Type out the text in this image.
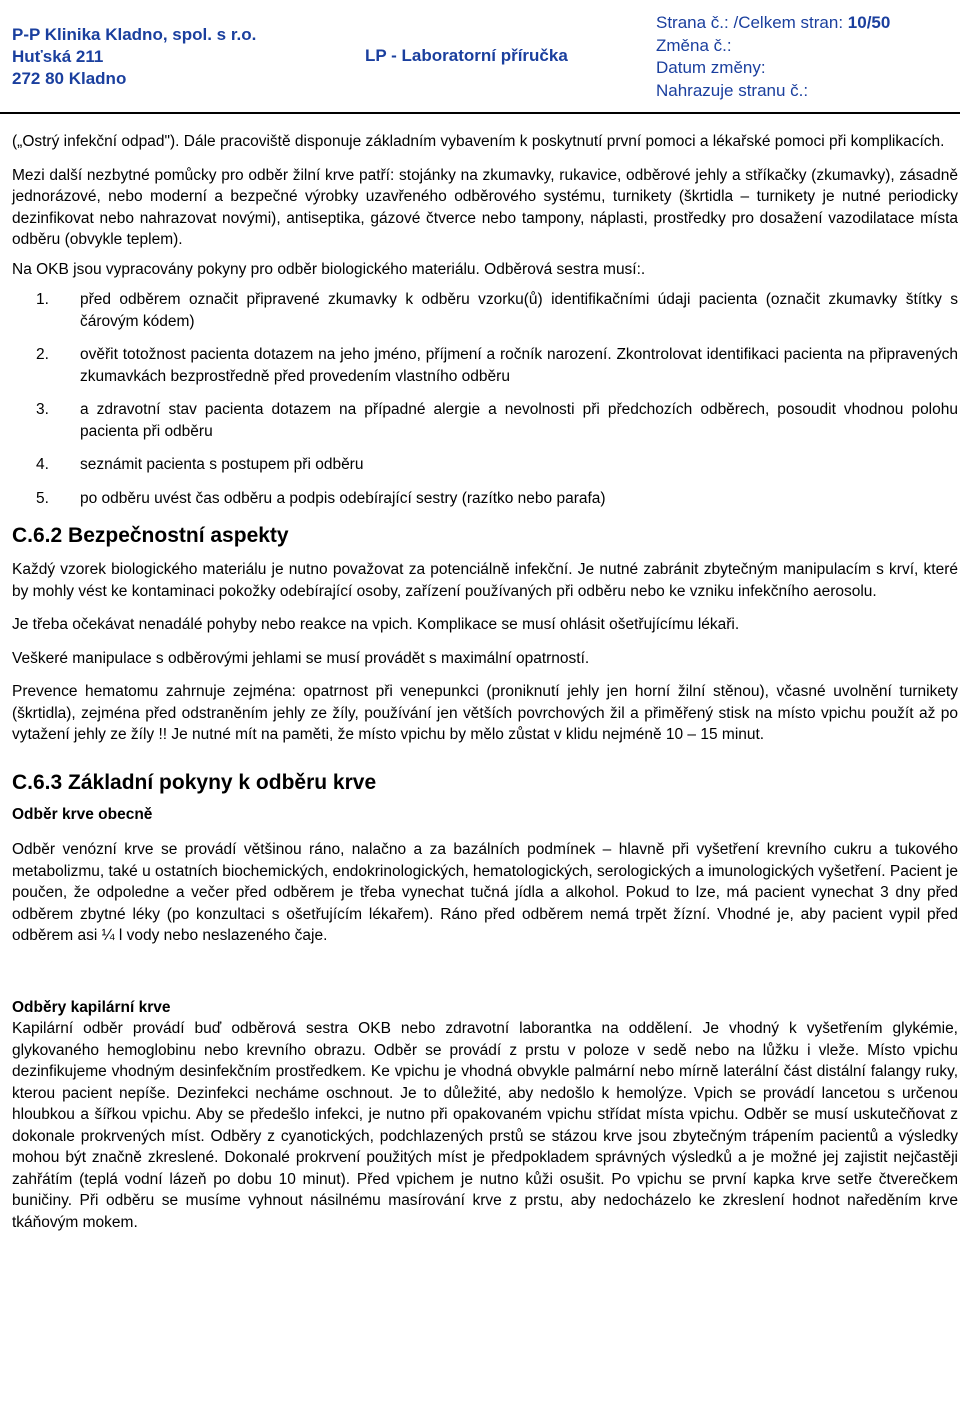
P-P Klinika Kladno, spol. s r.o.
Huťská 211
272 80 Kladno
LP - Laboratorní příručka
Strana č.: /Celkem stran: 10/50
Změna č.:
Datum změny:
Nahrazuje stranu č.:

(„Ostrý infekční odpad"). Dále pracoviště disponuje základním vybavením k poskytnutí první pomoci a lékařské pomoci při komplikacích.

Mezi další nezbytné pomůcky pro odběr žilní krve patří: stojánky na zkumavky, rukavice, odběrové jehly a stříkačky (zkumavky), zásadně jednorázové, nebo moderní a bezpečné výrobky uzavřeného odběrového systému, turnikety (škrtidla – turnikety je nutné periodicky dezinfikovat nebo nahrazovat novými), antiseptika, gázové čtverce nebo tampony, náplasti, prostředky pro dosažení vazodilatace místa odběru (obvykle teplem).

Na OKB jsou vypracovány pokyny pro odběr biologického materiálu. Odběrová sestra musí:.

1. před odběrem označit připravené zkumavky k odběru vzorku(ů) identifikačními údaji pacienta (označit zkumavky štítky s čárovým kódem)
2. ověřit totožnost pacienta dotazem na jeho jméno, příjmení a ročník narození. Zkontrolovat identifikaci pacienta na připravených zkumavkách bezprostředně před provedením vlastního odběru
3. a zdravotní stav pacienta dotazem na případné alergie a nevolnosti při předchozích odběrech, posoudit vhodnou polohu pacienta při odběru
4. seznámit pacienta s postupem při odběru
5. po odběru uvést čas odběru a podpis odebírající sestry (razítko nebo parafa)
C.6.2 Bezpečnostní aspekty

Každý vzorek biologického materiálu je nutno považovat za potenciálně infekční. Je nutné zabránit zbytečným manipulacím s krví, které by mohly vést ke kontaminaci pokožky odebírající osoby, zařízení používaných při odběru nebo ke vzniku infekčního aerosolu.

Je třeba očekávat nenadálé pohyby nebo reakce na vpich. Komplikace se musí ohlásit ošetřujícímu lékaři.

Veškeré manipulace s odběrovými jehlami se musí provádět s maximální opatrností.

Prevence hematomu zahrnuje zejména: opatrnost při venepunkci (proniknutí jehly jen horní žilní stěnou), včasné uvolnění turnikety (škrtidla), zejména před odstraněním jehly ze žíly, používání jen větších povrchových žil a přiměřený stisk na místo vpichu použít až po vytažení jehly ze žíly !! Je nutné mít na paměti, že místo vpichu by mělo zůstat v klidu nejméně 10 – 15 minut.

C.6.3 Základní pokyny k odběru krve
Odběr krve obecně

Odběr venózní krve se provádí většinou ráno, nalačno a za bazálních podmínek – hlavně při vyšetření krevního cukru a tukového metabolizmu, také u ostatních biochemických, endokrinologických, hematologických, serologických a imunologických vyšetření. Pacient je poučen, že odpoledne a večer před odběrem je třeba vynechat tučná jídla a alkohol. Pokud to lze, má pacient vynechat 3 dny před odběrem zbytné léky (po konzultaci s ošetřujícím lékařem). Ráno před odběrem nemá trpět žízní. Vhodné je, aby pacient vypil před odběrem asi ¼ l vody nebo neslazeného čaje.

Odběry kapilární krve

Kapilární odběr provádí buď odběrová sestra OKB nebo zdravotní laborantka na oddělení. Je vhodný k vyšetřením glykémie, glykovaného hemoglobinu nebo krevního obrazu. Odběr se provádí z prstu v poloze v sedě nebo na lůžku i vleže. Místo vpichu dezinfikujeme vhodným desinfekčním prostředkem. Ke vpichu je vhodná obvykle palmární nebo mírně laterální část distální falangy ruky, kterou pacient nepíše. Dezinfekci necháme oschnout. Je to důležité, aby nedošlo k hemolýze. Vpich se provádí lancetou s určenou hloubkou a šířkou vpichu. Aby se předešlo infekci, je nutno při opakovaném vpichu střídat místa vpichu. Odběr se musí uskutečňovat z dokonale prokrvených míst. Odběry z cyanotických, podchlazených prstů se stázou krve jsou zbytečným trápením pacientů a výsledky mohou být značně zkreslené. Dokonalé prokrvení použitých míst je předpokladem správných výsledků a je možné jej zajistit nejčastěji zahřátím (teplá vodní lázeň po dobu 10 minut). Před vpichem je nutno kůži osušit. Po vpichu se první kapka krve setře čtverečkem buničiny. Při odběru se musíme vyhnout násilnému masírování krve z prstu, aby nedocházelo ke zkreslení hodnot naředěním krve tkáňovým mokem.
